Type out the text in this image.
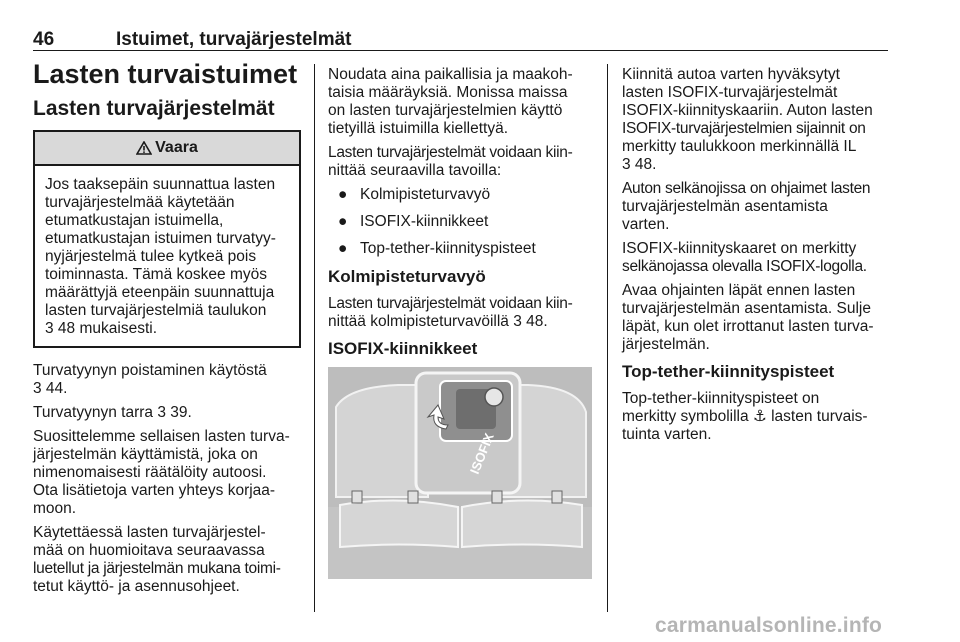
46	Istuimet, turvajärjestelmät
Lasten turvaistuimet
Lasten turvajärjestelmät
Vaara
Jos taaksepäin suunnattua lasten
turvajärjestelmää käytetään
etumatkustajan istuimella,
etumatkustajan istuimen turvatyy-
nyjärjestelmä tulee kytkeä pois
toiminnasta. Tämä koskee myös
määrättyjä eteenpäin suunnattuja
lasten turvajärjestelmiä taulukon
3 48 mukaisesti.

Turvatyynyn poistaminen käytöstä
3 44.

Turvatyynyn tarra 3 39.

Suosittelemme sellaisen lasten turva-
järjestelmän käyttämistä, joka on
nimenomaisesti räätälöity autoosi.
Ota lisätietoja varten yhteys korjaa-
moon.

Käytettäessä lasten turvajärjestel-
mää on huomioitava seuraavassa
luetellut ja järjestelmän mukana toimi-
tetut käyttö- ja asennusohjeet.

Noudata aina paikallisia ja maakoh-
taisia määräyksiä. Monissa maissa
on lasten turvajärjestelmien käyttö
tietyillä istuimilla kiellettyä.

Lasten turvajärjestelmät voidaan kiin-
nittää seuraavilla tavoilla:

● Kolmipisteturvavyö
● ISOFIX-kiinnikkeet
● Top-tether-kiinnityspisteet
Kolmipisteturvavyö

Lasten turvajärjestelmät voidaan kiin-
nittää kolmipisteturvavöillä 3 48.

ISOFIX-kiinnikkeet
ISOFIX

Kiinnitä autoa varten hyväksytyt
lasten ISOFIX-turvajärjestelmät
ISOFIX-kiinnityskaariin. Auton lasten
ISOFIX-turvajärjestelmien sijainnit on
merkitty taulukkoon merkinnällä IL
3 48.

Auton selkänojissa on ohjaimet lasten
turvajärjestelmän asentamista
varten.

ISOFIX-kiinnityskaaret on merkitty
selkänojassa olevalla ISOFIX-logolla.

Avaa ohjainten läpät ennen lasten
turvajärjestelmän asentamista. Sulje
läpät, kun olet irrottanut lasten turva-
järjestelmän.

Top-tether-kiinnityspisteet

Top-tether-kiinnityspisteet on
merkitty symbolilla ⚓ lasten turvais-
tuinta varten.

carmanualsonline.info
